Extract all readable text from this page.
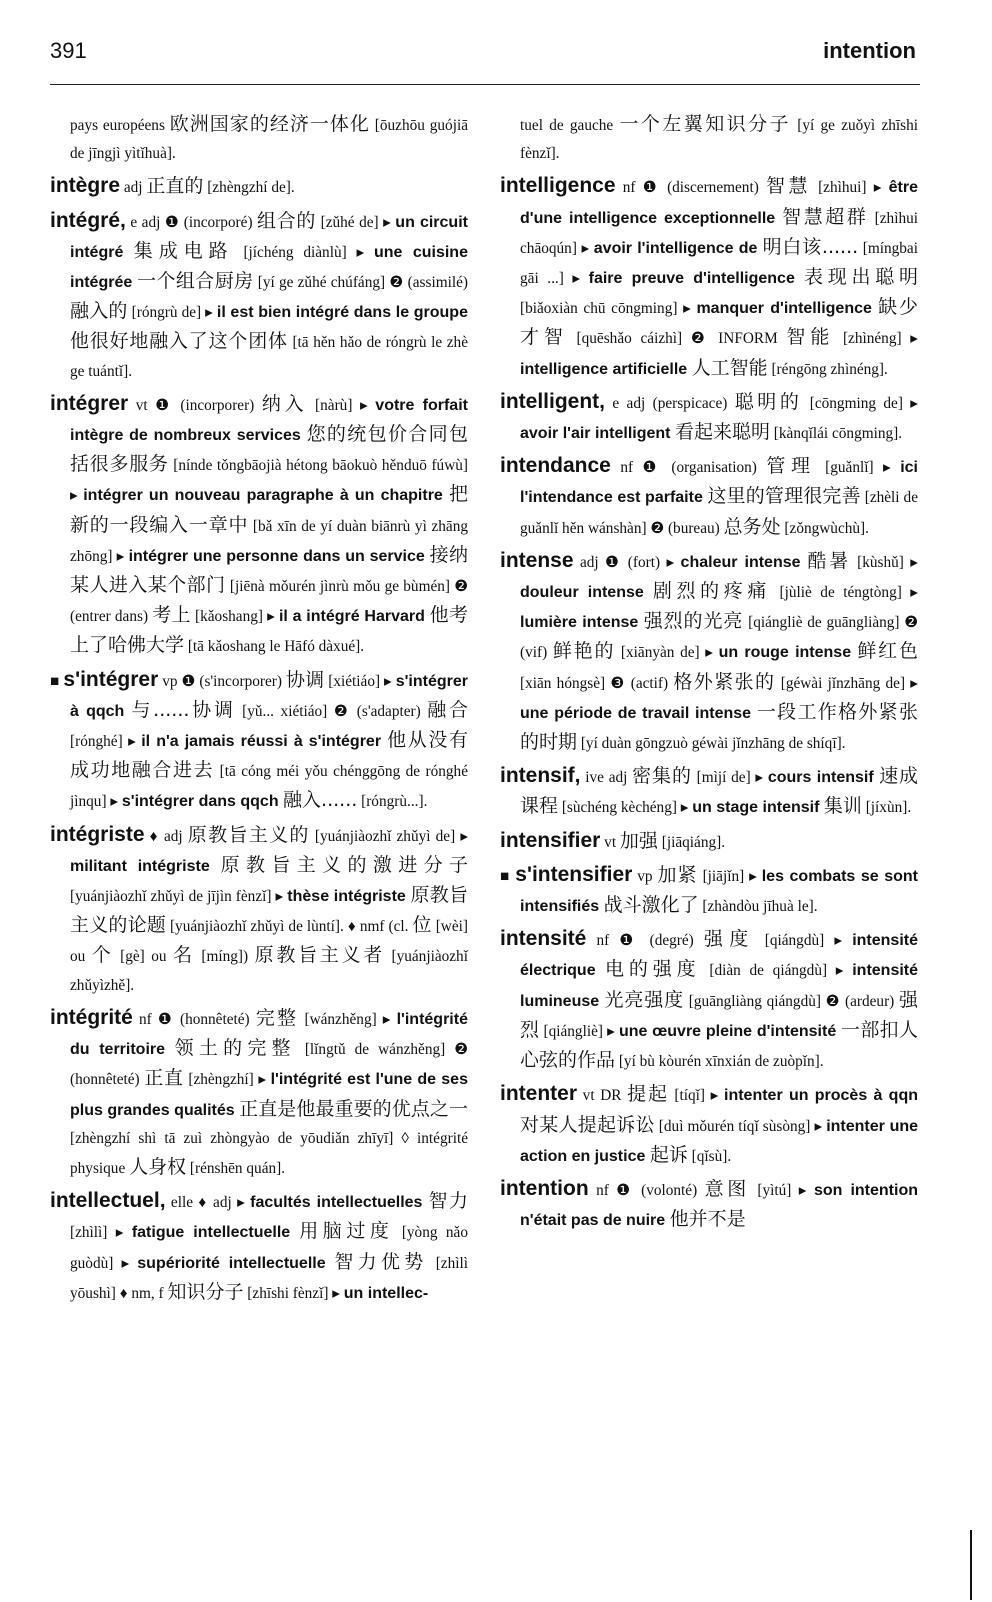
391	intention

pays européens 欧洲国家的经济一体化 [ōuzhōu guójiā de jīngjì yìtǐhuà].

intègre adj 正直的 [zhèngzhí de].

intégré, e adj ❶ (incorporé) 组合的 [zǔhé de] ▸ un circuit intégré 集成电路 [jíchéng diànlù] ▸ une cuisine intégrée 一个组合厨房 [yí ge zǔhé chúfáng] ❷ (assimilé) 融入的 [róngrù de] ▸ il est bien intégré dans le groupe 他很好地融入了这个团体 [tā hěn hǎo de róngrù le zhè ge tuántǐ].

intégrer vt ❶ (incorporer) 纳入 [nàrù] ▸ votre forfait intègre de nombreux services 您的统包价合同包括很多服务 [nínde tǒngbāojià hétong bāokuò hěnduō fúwù] ▸ intégrer un nouveau paragraphe à un chapitre 把新的一段编入一章中 [bǎ xīn de yí duàn biānrù yì zhāng zhōng] ▸ intégrer une personne dans un service 接纳某人进入某个部门 [jiēnà mǒurén jìnrù mǒu ge bùmén] ❷ (entrer dans) 考上 [kǎoshang] ▸ il a intégré Harvard 他考上了哈佛大学 [tā kǎoshang le Hāfó dàxué].

■ s'intégrer vp ❶ (s'incorporer) 协调 [xiétiáo] ▸ s'intégrer à qqch 与......协调 [yǔ... xiétiáo] ❷ (s'adapter) 融合 [rónghé] ▸ il n'a jamais réussi à s'intégrer 他从没有成功地融合进去 [tā cóng méi yǒu chénggōng de rónghé jìnqu] ▸ s'intégrer dans qqch 融入...... [róngrù...].

intégriste ♦ adj 原教旨主义的 [yuánjiàozhǐ zhǔyì de] ▸ militant intégriste 原教旨主义的激进分子 [yuánjiàozhǐ zhǔyì de jījìn fènzǐ] ▸ thèse intégriste 原教旨主义的论题 [yuánjiàozhǐ zhǔyì de lùntí]. ♦ nmf (cl. 位 [wèi] ou 个 [gè] ou 名 [míng]) 原教旨主义者 [yuánjiàozhǐ zhǔyìzhě].

intégrité nf ❶ (honnêteté) 完整 [wánzhěng] ▸ l'intégrité du territoire 领土的完整 [lǐngtǔ de wánzhěng] ❷ (honnêteté) 正直 [zhèngzhí] ▸ l'intégrité est l'une de ses plus grandes qualités 正直是他最重要的优点之一 [zhèngzhí shì tā zuì zhòngyào de yōudiǎn zhīyī] ◊ intégrité physique 人身权 [rénshēn quán].

intellectuel, elle ♦ adj ▸ facultés intellectuelles 智力 [zhìlì] ▸ fatigue intellectuelle 用脑过度 [yòng nǎo guòdù] ▸ supériorité intellectuelle 智力优势 [zhìlì yōushì] ♦ nm, f 知识分子 [zhīshi fènzǐ] ▸ un intellec-

tuel de gauche 一个左翼知识分子 [yí ge zuǒyì zhīshi fènzǐ].

intelligence nf ❶ (discernement) 智慧 [zhìhui] ▸ être d'une intelligence exceptionnelle 智慧超群 [zhìhui chāoqún] ▸ avoir l'intelligence de 明白该...... [míngbai gāi ...] ▸ faire preuve d'intelligence 表现出聪明 [biǎoxiàn chū cōngming] ▸ manquer d'intelligence 缺少才智 [quēshǎo cáizhì] ❷ INFORM 智能 [zhìnéng] ▸ intelligence artificielle 人工智能 [réngōng zhìnéng].

intelligent, e adj (perspicace) 聪明的 [cōngming de] ▸ avoir l'air intelligent 看起来聪明 [kànqǐlái cōngming].

intendance nf ❶ (organisation) 管理 [guǎnlǐ] ▸ ici l'intendance est parfaite 这里的管理很完善 [zhèli de guǎnlǐ hěn wánshàn] ❷ (bureau) 总务处 [zǒngwùchù].

intense adj ❶ (fort) ▸ chaleur intense 酷暑 [kùshǔ] ▸ douleur intense 剧烈的疼痛 [jùliè de téngtòng] ▸ lumière intense 强烈的光亮 [qiángliè de guāngliàng] ❷ (vif) 鲜艳的 [xiānyàn de] ▸ un rouge intense 鲜红色 [xiān hóngsè] ❸ (actif) 格外紧张的 [géwài jǐnzhāng de] ▸ une période de travail intense 一段工作格外紧张的时期 [yí duàn gōngzuò géwài jǐnzhāng de shíqī].

intensif, ive adj 密集的 [mìjí de] ▸ cours intensif 速成课程 [sùchéng kèchéng] ▸ un stage intensif 集训 [jíxùn].

intensifier vt 加强 [jiāqiáng].

■ s'intensifier vp 加紧 [jiājǐn] ▸ les combats se sont intensifiés 战斗激化了 [zhàndòu jīhuà le].

intensité nf ❶ (degré) 强度 [qiángdù] ▸ intensité électrique 电的强度 [diàn de qiángdù] ▸ intensité lumineuse 光亮强度 [guāngliàng qiángdù] ❷ (ardeur) 强烈 [qiángliè] ▸ une œuvre pleine d'intensité 一部扣人心弦的作品 [yí bù kòurén xīnxián de zuòpǐn].

intenter vt DR 提起 [tíqǐ] ▸ intenter un procès à qqn 对某人提起诉讼 [duì mǒurén tíqǐ sùsòng] ▸ intenter une action en justice 起诉 [qǐsù].

intention nf ❶ (volonté) 意图 [yìtú] ▸ son intention n'était pas de nuire 他并不是
